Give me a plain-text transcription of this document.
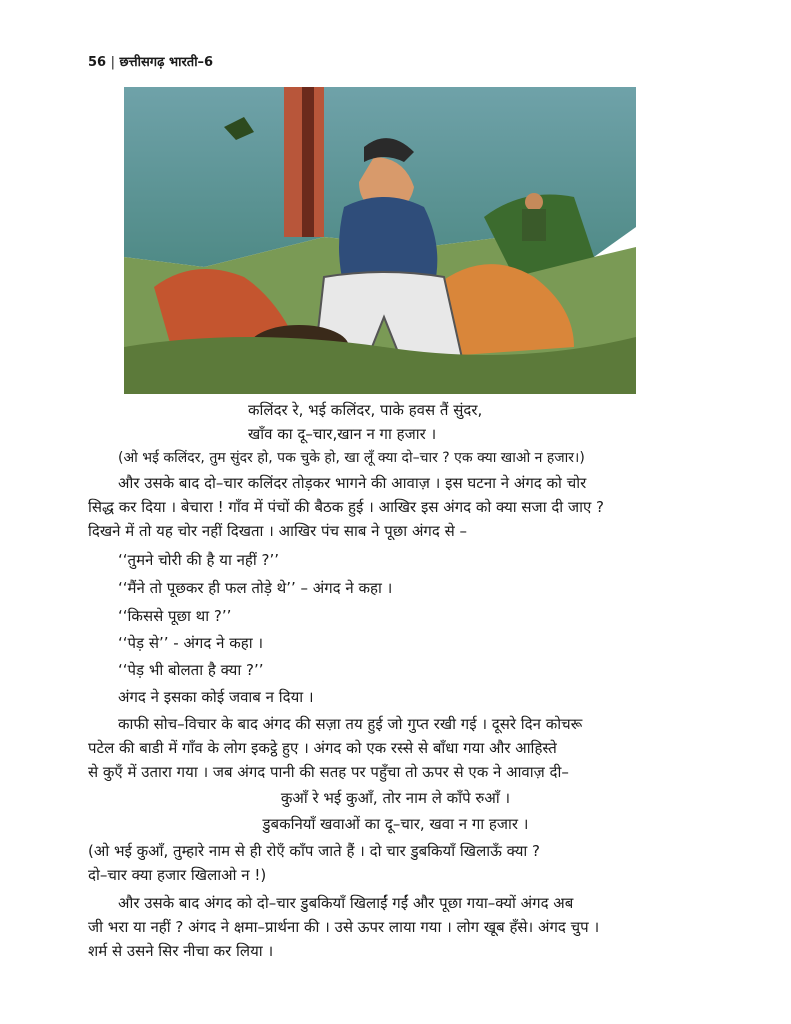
56 | छत्तीसगढ़ भारती–6
कलिंदर रे, भई कलिंदर, पाके हवस तैं सुंदर,
खाँव का दू–चार,खान न गा हजार ।
(ओ भई कलिंदर, तुम सुंदर हो, पक चुके हो, खा लूँ क्या दो–चार ? एक क्या खाओ न हजार।)
और उसके बाद दो–चार कलिंदर तोड़कर भागने की आवाज़ । इस घटना ने अंगद को चोर
सिद्ध कर दिया । बेचारा ! गाँव में पंचों की बैठक हुई । आखिर इस अंगद को क्या सजा दी जाए ?
दिखने में तो यह चोर नहीं दिखता । आखिर पंच साब ने पूछा अंगद से –
‘‘तुमने चोरी की है या नहीं ?’’
‘‘मैंने तो पूछकर ही फल तोड़े थे’’ – अंगद ने कहा ।
‘‘किससे पूछा था ?’’
‘‘पेड़ से’’ - अंगद ने कहा ।
‘‘पेड़ भी बोलता है क्या ?’’
अंगद ने इसका कोई जवाब न दिया ।
काफी सोच–विचार के बाद अंगद की सज़ा तय हुई जो गुप्त रखी गई । दूसरे दिन कोचरू
पटेल की बाडी में गाँव के लोग इकट्ठे हुए । अंगद को एक रस्से से बाँधा गया और आहिस्ते
से कुएँ में उतारा गया । जब अंगद पानी की सतह पर पहुँचा तो ऊपर से एक ने आवाज़ दी–
कुआँ रे भई कुआँ, तोर नाम ले काँपे रुआँ ।
डुबकनियाँ खवाओं का दू–चार, खवा न गा हजार ।
(ओ भई कुआँ, तुम्हारे नाम से ही रोएँ काँप जाते हैं । दो चार डुबकियाँ खिलाऊँ क्या ?
दो–चार क्या हजार खिलाओ न !)
और उसके बाद अंगद को दो–चार डुबकियाँ खिलाईं गईं और पूछा गया–क्यों अंगद अब
जी भरा या नहीं ? अंगद ने क्षमा–प्रार्थना की । उसे ऊपर लाया गया । लोग खूब हँसे। अंगद चुप ।
शर्म से उसने सिर नीचा कर लिया ।
